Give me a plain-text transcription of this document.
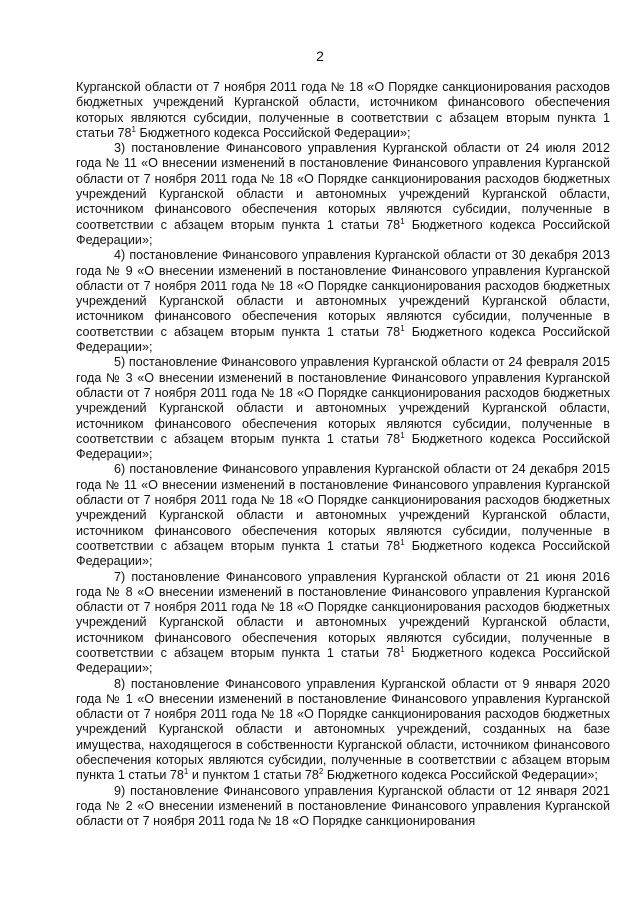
2

Курганской области от 7 ноября 2011 года № 18 «О Порядке санкционирования расходов бюджетных учреждений Курганской области, источником финансового обеспечения которых являются субсидии, полученные в соответствии с абзацем вторым пункта 1 статьи $78^1$ Бюджетного кодекса Российской Федерации»;

3) постановление Финансового управления Курганской области от 24 июля 2012 года № 11 «О внесении изменений в постановление Финансового управления Курганской области от 7 ноября 2011 года № 18 «О Порядке санкционирования расходов бюджетных учреждений Курганской области и автономных учреждений Курганской области, источником финансового обеспечения которых являются субсидии, полученные в соответствии с абзацем вторым пункта 1 статьи $78^1$ Бюджетного кодекса Российской Федерации»;

4) постановление Финансового управления Курганской области от 30 декабря 2013 года № 9 «О внесении изменений в постановление Финансового управления Курганской области от 7 ноября 2011 года № 18 «О Порядке санкционирования расходов бюджетных учреждений Курганской области и автономных учреждений Курганской области, источником финансового обеспечения которых являются субсидии, полученные в соответствии с абзацем вторым пункта 1 статьи $78^1$ Бюджетного кодекса Российской Федерации»;

5) постановление Финансового управления Курганской области от 24 февраля 2015 года № 3 «О внесении изменений в постановление Финансового управления Курганской области от 7 ноября 2011 года № 18 «О Порядке санкционирования расходов бюджетных учреждений Курганской области и автономных учреждений Курганской области, источником финансового обеспечения которых являются субсидии, полученные в соответствии с абзацем вторым пункта 1 статьи $78^1$ Бюджетного кодекса Российской Федерации»;

6) постановление Финансового управления Курганской области от 24 декабря 2015 года № 11 «О внесении изменений в постановление Финансового управления Курганской области от 7 ноября 2011 года № 18 «О Порядке санкционирования расходов бюджетных учреждений Курганской области и автономных учреждений Курганской области, источником финансового обеспечения которых являются субсидии, полученные в соответствии с абзацем вторым пункта 1 статьи $78^1$ Бюджетного кодекса Российской Федерации»;

7) постановление Финансового управления Курганской области от 21 июня 2016 года № 8 «О внесении изменений в постановление Финансового управления Курганской области от 7 ноября 2011 года № 18 «О Порядке санкционирования расходов бюджетных учреждений Курганской области и автономных учреждений Курганской области, источником финансового обеспечения которых являются субсидии, полученные в соответствии с абзацем вторым пункта 1 статьи $78^1$ Бюджетного кодекса Российской Федерации»;

8) постановление Финансового управления Курганской области от 9 января 2020 года № 1 «О внесении изменений в постановление Финансового управления Курганской области от 7 ноября 2011 года № 18 «О Порядке санкционирования расходов бюджетных учреждений Курганской области и автономных учреждений, созданных на базе имущества, находящегося в собственности Курганской области, источником финансового обеспечения которых являются субсидии, полученные в соответствии с абзацем вторым пункта 1 статьи $78^1$ и пунктом 1 статьи $78^2$ Бюджетного кодекса Российской Федерации»;

9) постановление Финансового управления Курганской области от 12 января 2021 года № 2 «О внесении изменений в постановление Финансового управления Курганской области от 7 ноября 2011 года № 18 «О Порядке санкционирования
